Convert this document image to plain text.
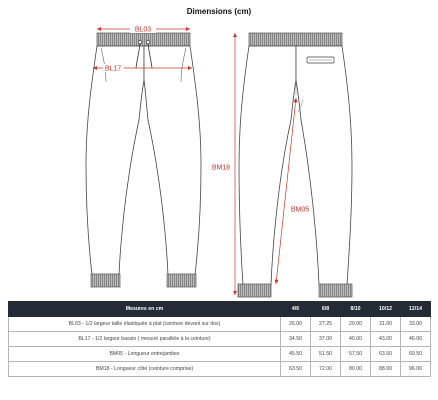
Dimensions (cm)
BL03
BL17
BM18
BM05
Mesures en cm	4/6	6/8	8/10	10/12	12/14
BL03 - 1/2 largeur taille élastiquée à plat (ceinture devant sur dos)	26.00	27.25	29.00	31.00	33.00
BL17 - 1/2 largeur bassin ( mesuré parallèle à la ceinture)	34.50	37.00	40.00	43.00	46.00
BM05 - Longueur entrejambes	45.50	51.50	57.50	63.50	69.50
BM18 - Longueur côté (ceinture comprise)	63.50	72.00	80.00	88.00	96.00
